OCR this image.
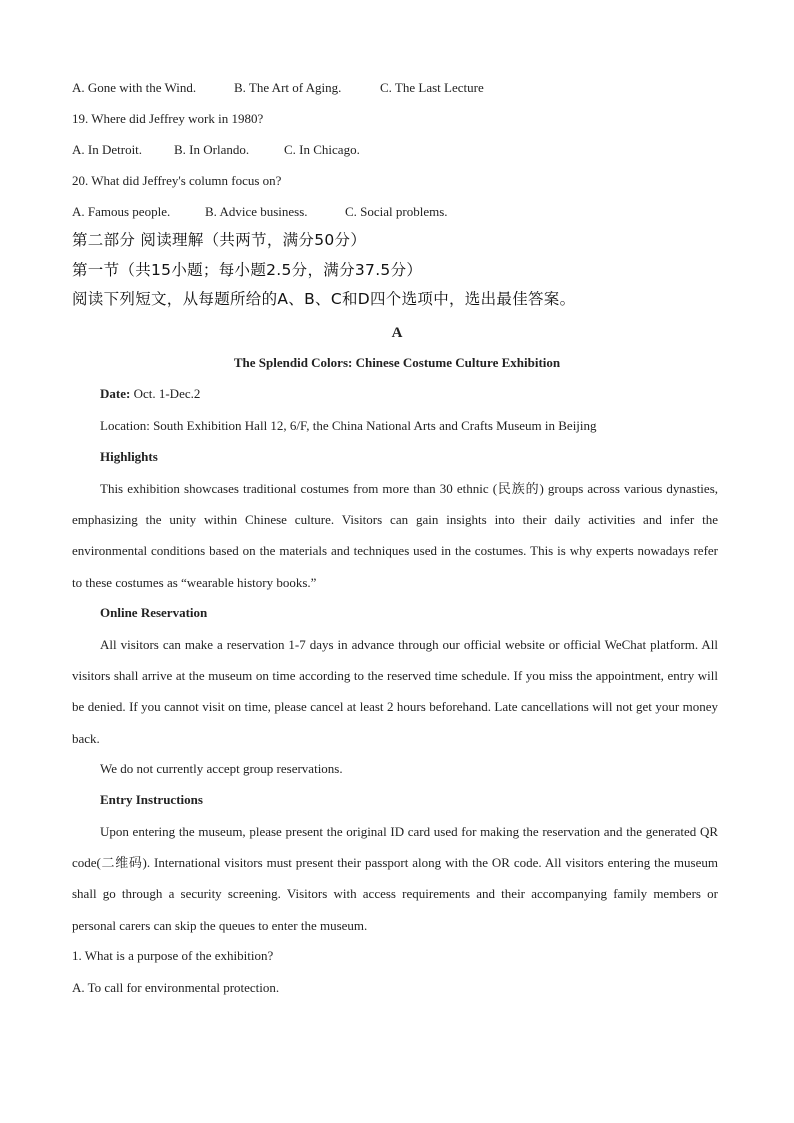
A. Gone with the Wind.	B. The Art of Aging.	C. The Last Lecture
19. Where did Jeffrey work in 1980?
A. In Detroit. B. In Orlando.	C. In Chicago.
20. What did Jeffrey's column focus on?
A. Famous people.	B. Advice business.	C. Social problems.
第二部分 阅读理解（共两节，满分50分）
第一节（共15小题；每小题2.5分，满分37.5分）
阅读下列短文，从每题所给的A、B、C和D四个选项中，选出最佳答案。
A
The Splendid Colors: Chinese Costume Culture Exhibition
Date: Oct. 1-Dec.2
Location: South Exhibition Hall 12, 6/F, the China National Arts and Crafts Museum in Beijing
Highlights
This exhibition showcases traditional costumes from more than 30 ethnic (民族的) groups across various dynasties, emphasizing the unity within Chinese culture. Visitors can gain insights into their daily activities and infer the environmental conditions based on the materials and techniques used in the costumes. This is why experts nowadays refer to these costumes as “wearable history books.”
Online Reservation
All visitors can make a reservation 1-7 days in advance through our official website or official WeChat platform. All visitors shall arrive at the museum on time according to the reserved time schedule. If you miss the appointment, entry will be denied. If you cannot visit on time, please cancel at least 2 hours beforehand. Late cancellations will not get your money back.
We do not currently accept group reservations.
Entry Instructions
Upon entering the museum, please present the original ID card used for making the reservation and the generated QR code(二维码). International visitors must present their passport along with the OR code. All visitors entering the museum shall go through a security screening. Visitors with access requirements and their accompanying family members or personal carers can skip the queues to enter the museum.
1. What is a purpose of the exhibition?
A. To call for environmental protection.
